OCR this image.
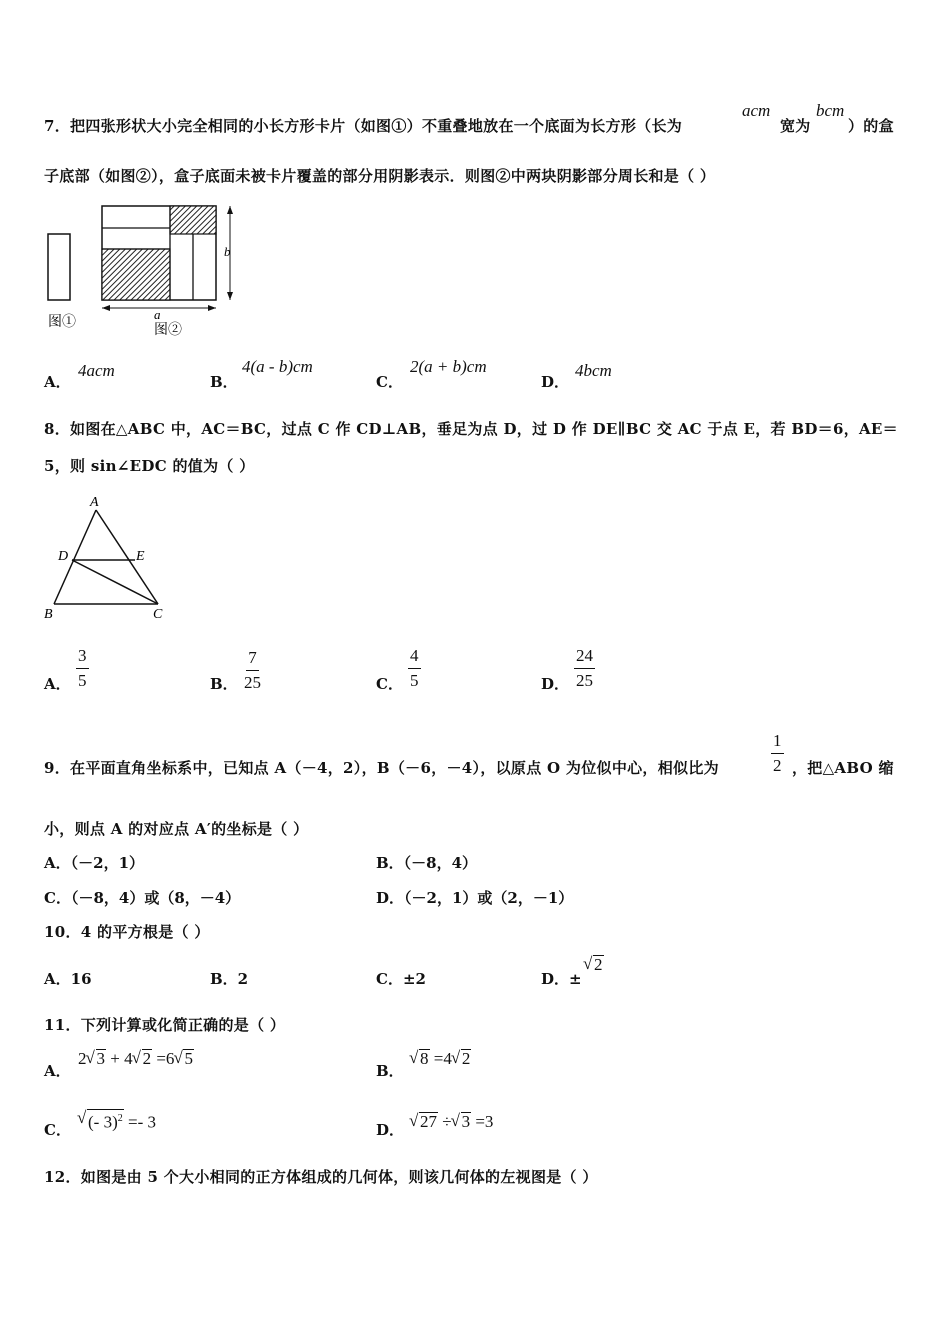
7．把四张形状大小完全相同的小长方形卡片（如图①）不重叠地放在一个底面为长方形（长为
acm
宽为
bcm
）的盒
子底部（如图②），盒子底面未被卡片覆盖的部分用阴影表示．则图②中两块阴影部分周长和是（ ）
图①
a
图②
b
A．
4acm
B．
4(a - b)cm
C．
2(a + b)cm
D．
4bcm
8．如图在△ABC 中，AC＝BC，过点 C 作 CD⊥AB，垂足为点 D，过 D 作 DE∥BC 交 AC 于点 E，若 BD＝6，AE＝
5，则 sin∠EDC 的值为（ ）
A
D	E
B	C
A． $\frac{3}{5}$	B． $\frac{7}{25}$	C． $\frac{4}{5}$	D． $\frac{24}{25}$
9．在平面直角坐标系中，已知点 A（－4，2），B（－6，－4），以原点 O 为位似中心，相似比为	$\frac{1}{2}$ ，把△ABO 缩
小，则点 A 的对应点 A′的坐标是（ ）
A．（－2，1）	B．（－8，4）
C．（－8，4）或（8，－4）	D．（－2，1）或（2，－1）
10．4 的平方根是（ ）
A．16	B．2	C．±2	D．±
√ 2
11．下列计算或化简正确的是（ ）
A．
2 √ 3 + 4 √ 2 =6 √ 5
B．
√ 8 =4 √ 2
C．	√ (- 3)$^2$ =- 3	D． √ 27 ÷ √ 3 =3
12．如图是由 5 个大小相同的正方体组成的几何体，则该几何体的左视图是（ ）
